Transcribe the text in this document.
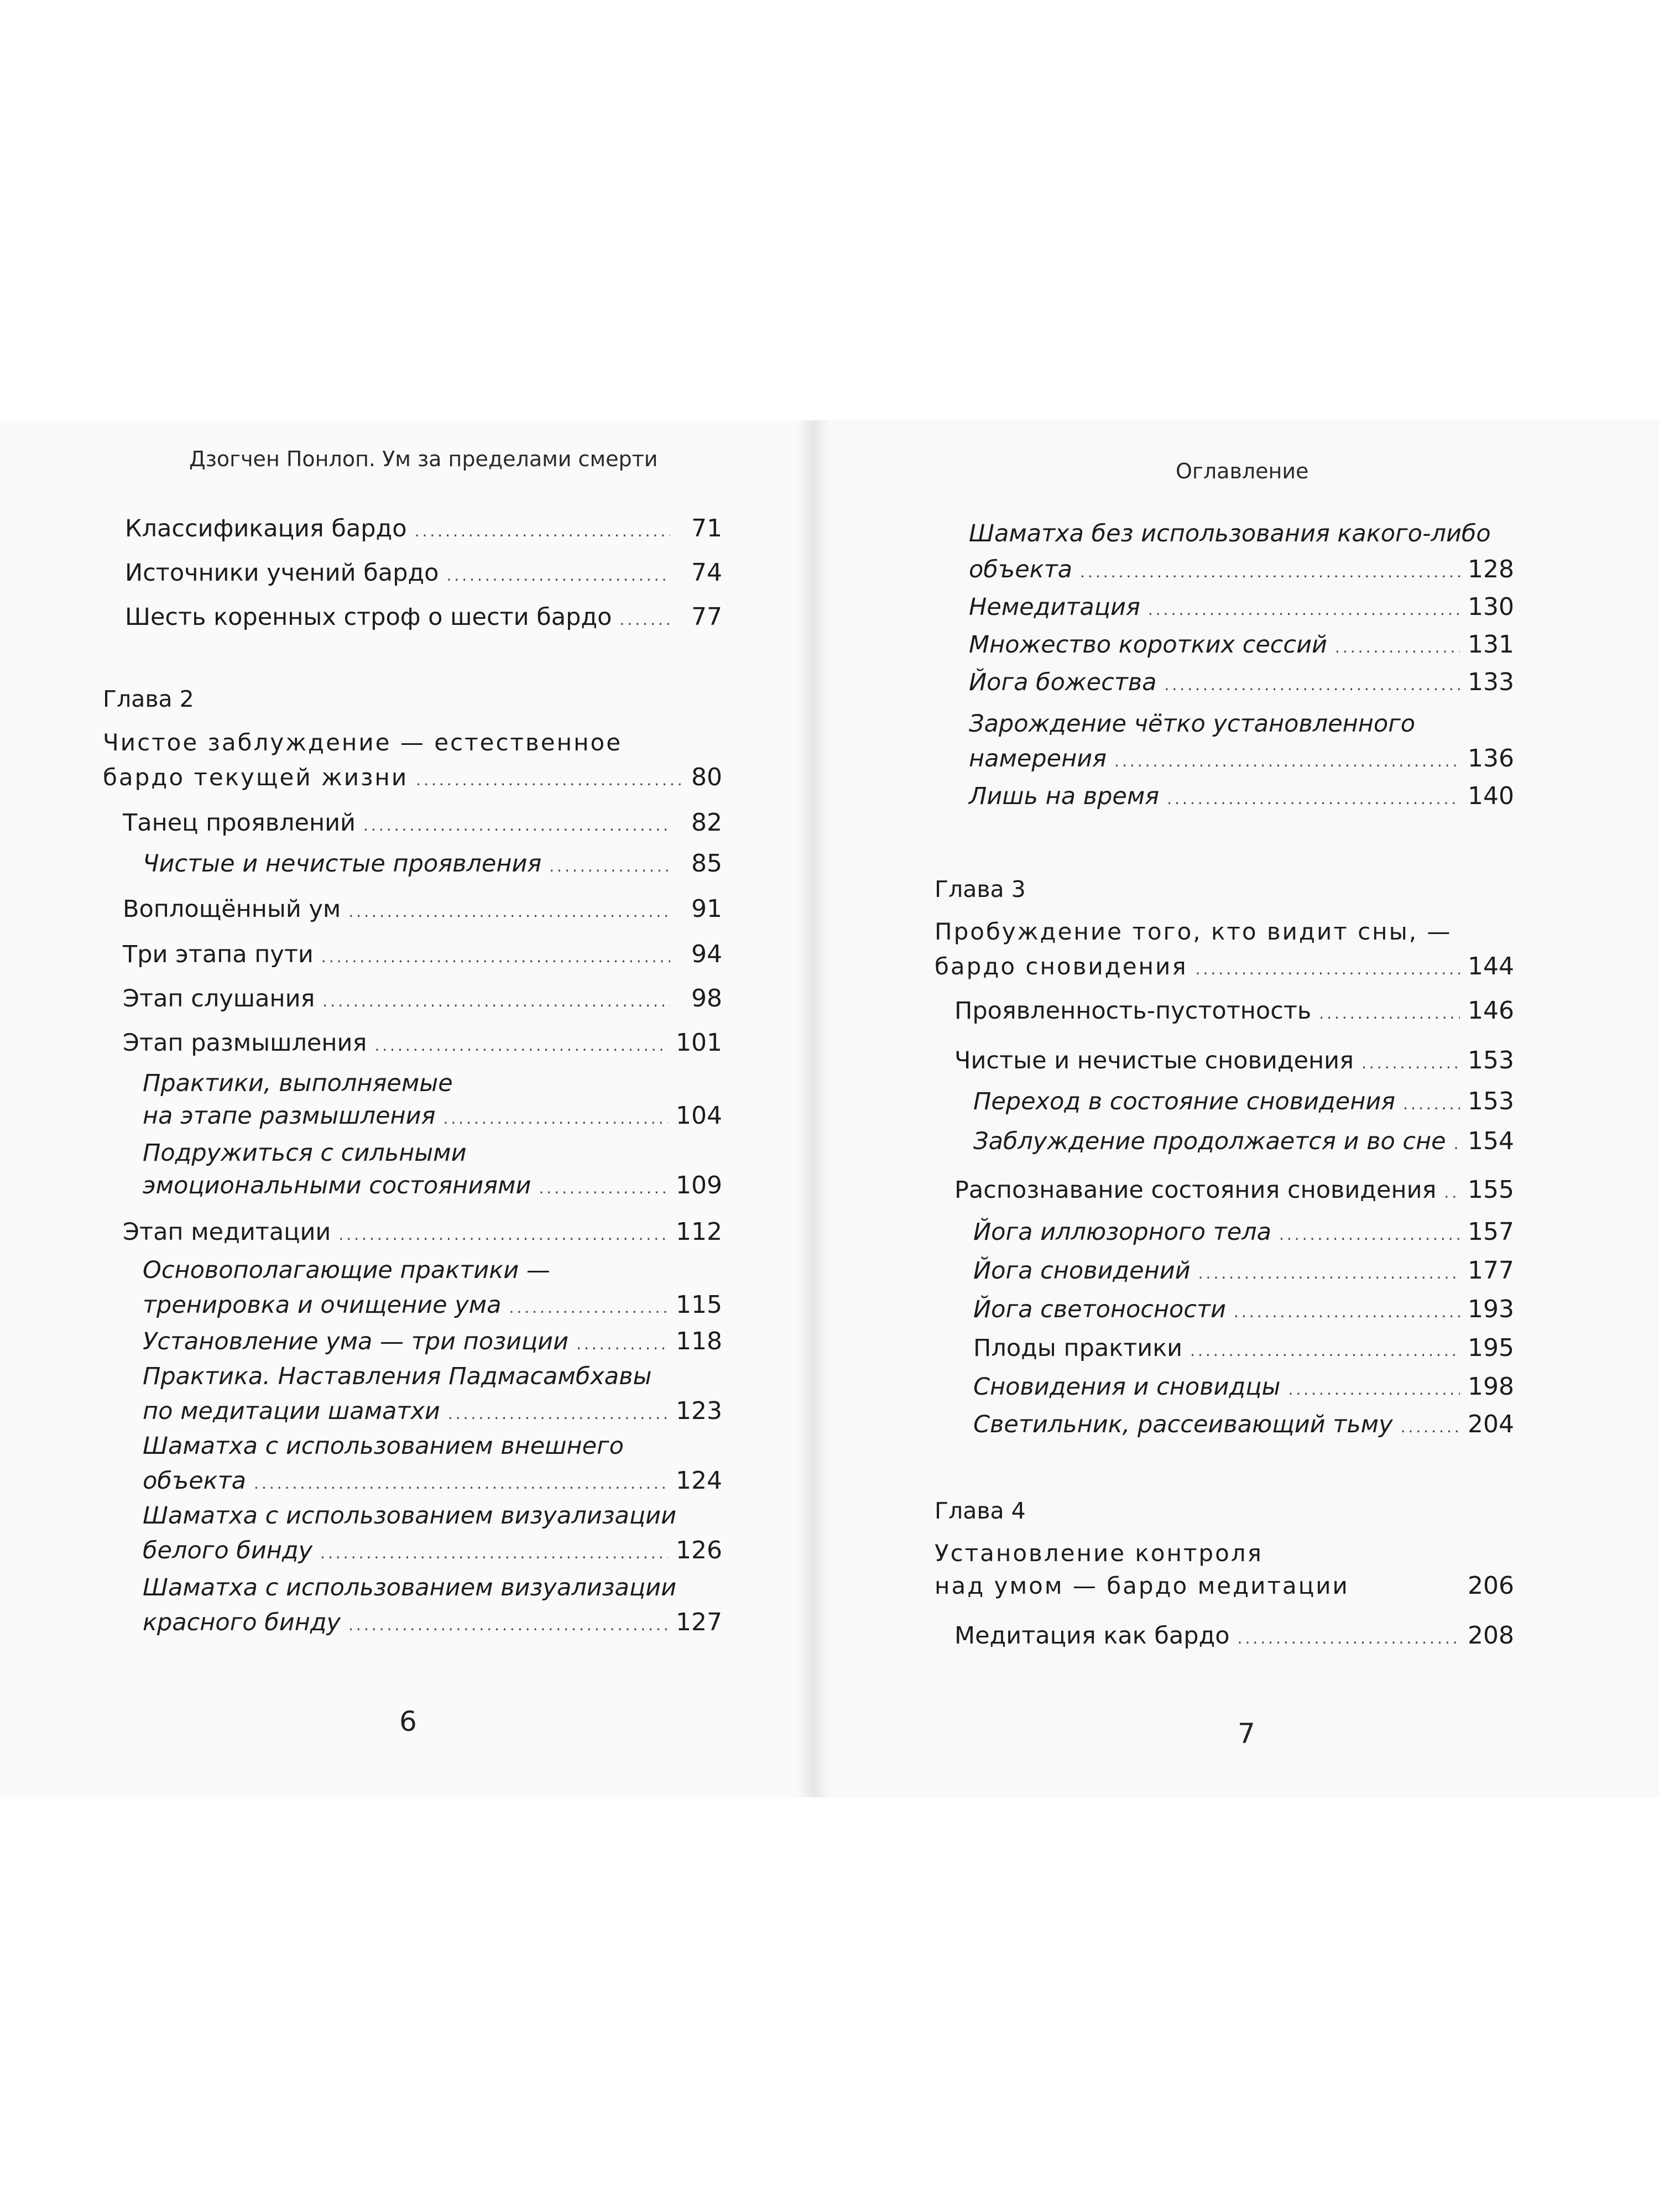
Дзогчен Понлоп. Ум за пределами смерти
Классификация бардо .....	71
Источники учений бардо .....	74
Шесть коренных строф о шести бардо .....	77
Глава 2
Чистое заблуждение — естественное
бардо текущей жизни .....	80
Танец проявлений .....	82
Чистые и нечистые проявления .....	85
Воплощённый ум .....	91
Три этапа пути .....	94
Этап слушания .....	98
Этап размышления .....	101
Практики, выполняемые
на этапе размышления .....	104
Подружиться с сильными
эмоциональными состояниями .....	109
Этап медитации .....	112
Основополагающие практики —
тренировка и очищение ума .....	115
Установление ума — три позиции .....	118
Практика. Наставления Падмасамбхавы
по медитации шаматхи .....	123
Шаматха с использованием внешнего
объекта .....	124
Шаматха с использованием визуализации
белого бинду .....	126
Шаматха с использованием визуализации
красного бинду .....	127
6
Оглавление
Шаматха без использования какого-либо
объекта .....	128
Немедитация .....	130
Множество коротких сессий .....	131
Йога божества .....	133
Зарождение чётко установленного
намерения .....	136
Лишь на время .....	140
Глава 3
Пробуждение того, кто видит сны, —
бардо сновидения .....	144
Проявленность-пустотность .....	146
Чистые и нечистые сновидения .....	153
Переход в состояние сновидения .....	153
Заблуждение продолжается и во сне ..... 154
Распознавание состояния сновидения ..... 155
Йога иллюзорного тела .....	157
Йога сновидений .....	177
Йога светоносности .....	193
Плоды практики .....	195
Сновидения и сновидцы .....	198
Светильник, рассеивающий тьму .....	204
Глава 4
Установление контроля
над умом — бардо медитации	206
Медитация как бардо .....	208
7
